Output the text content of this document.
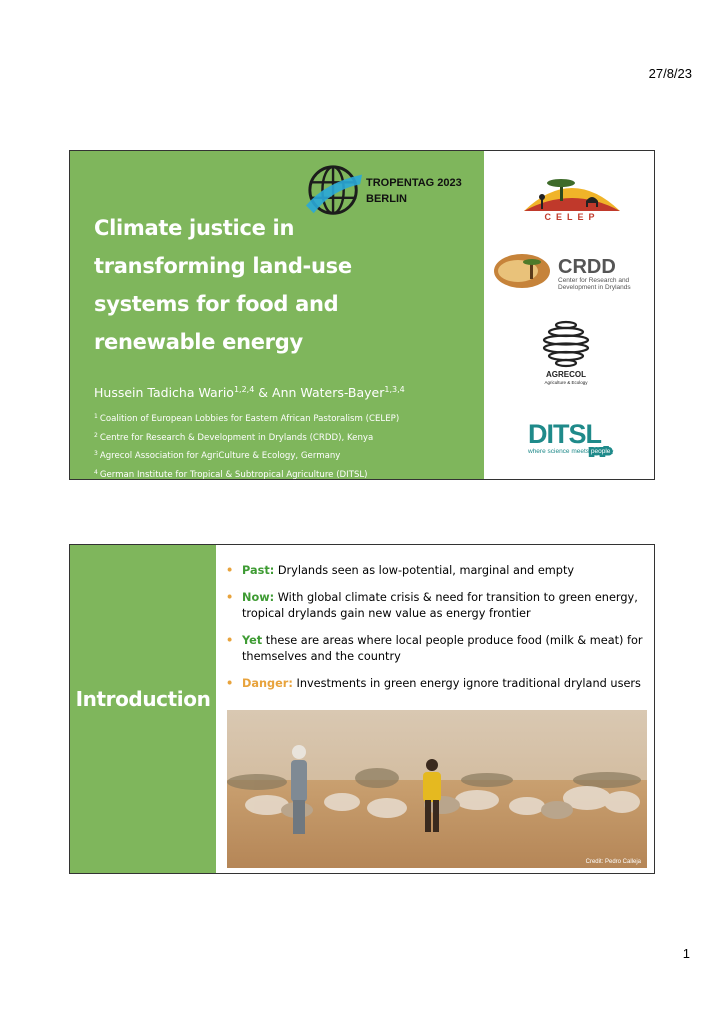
27/8/23
TROPENTAG 2023
BERLIN
Climate justice in
transforming land-use
systems for food and
renewable energy
Hussein Tadicha Wario$^{1,2,4}$ & Ann Waters-Bayer$^{1,3,4}$
$^1$ Coalition of European Lobbies for Eastern African Pastoralism (CELEP)
$^2$ Centre for Research & Development in Drylands (CRDD), Kenya
$^3$ Agrecol Association for AgriCulture & Ecology, Germany
$^4$ German Institute for Tropical & Subtropical Agriculture (DITSL)
CELEP
CRDD
Center for Research and
Development in Drylands
AGRECOL
Agriculture & Ecology
DITSL
where science meets people
Introduction
• Past: Drylands seen as low-potential, marginal and empty
• Now: With global climate crisis & need for transition to green energy, tropical drylands gain new value as energy frontier
• Yet these are areas where local people produce food (milk & meat) for themselves and the country
• Danger: Investments in green energy ignore traditional dryland users
Credit: Pedro Calleja
1
